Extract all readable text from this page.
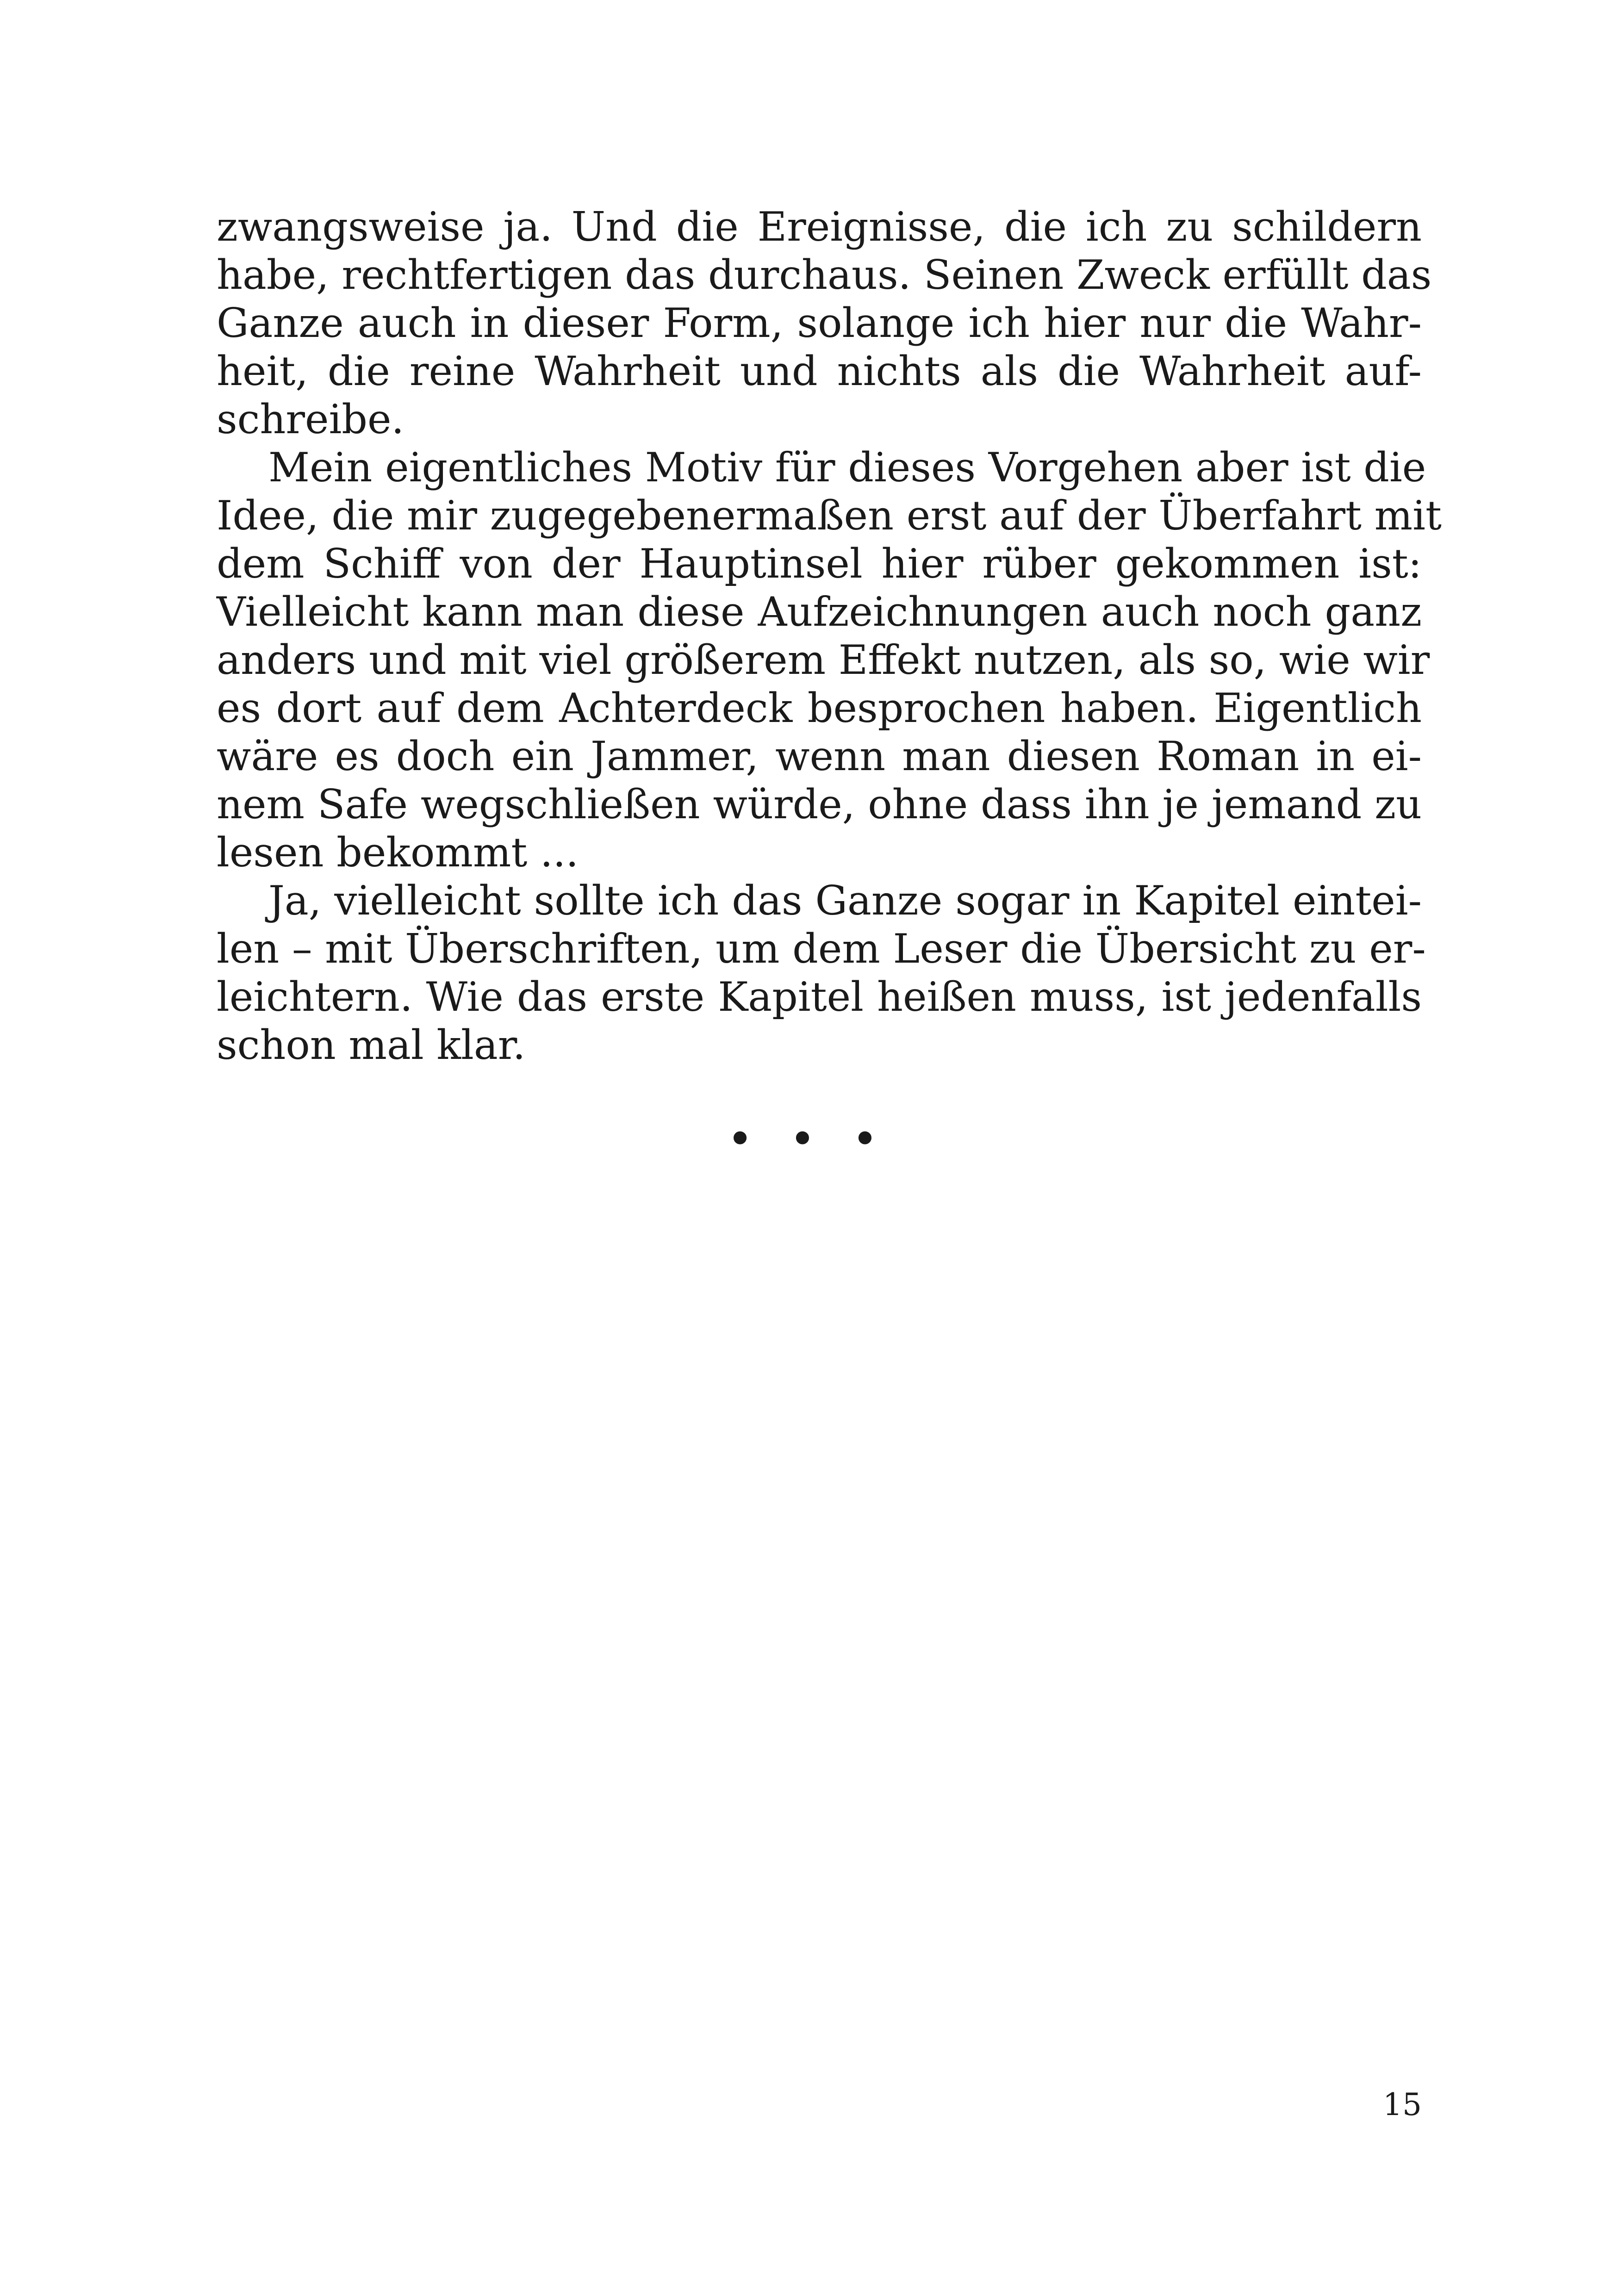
zwangsweise ja. Und die Ereignisse, die ich zu schildern
habe, rechtfertigen das durchaus. Seinen Zweck erfüllt das
Ganze auch in dieser Form, solange ich hier nur die Wahr-
heit, die reine Wahrheit und nichts als die Wahrheit auf-
schreibe.
Mein eigentliches Motiv für dieses Vorgehen aber ist die
Idee, die mir zugegebenermaßen erst auf der Überfahrt mit
dem Schiff von der Hauptinsel hier rüber gekommen ist:
Vielleicht kann man diese Aufzeichnungen auch noch ganz
anders und mit viel größerem Effekt nutzen, als so, wie wir
es dort auf dem Achterdeck besprochen haben. Eigentlich
wäre es doch ein Jammer, wenn man diesen Roman in ei-
nem Safe wegschließen würde, ohne dass ihn je jemand zu
lesen bekommt ...
Ja, vielleicht sollte ich das Ganze sogar in Kapitel eintei-
len – mit Überschriften, um dem Leser die Übersicht zu er-
leichtern. Wie das erste Kapitel heißen muss, ist jedenfalls
schon mal klar.
• • •
15
